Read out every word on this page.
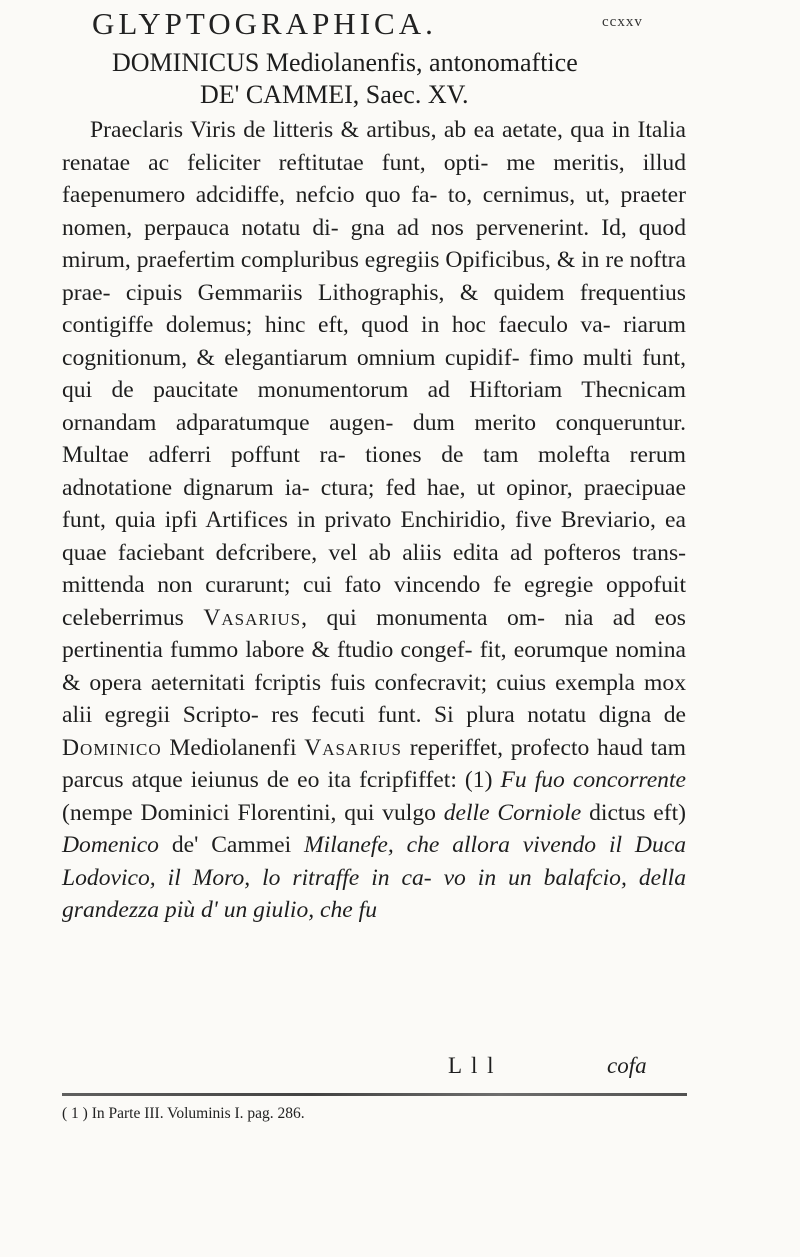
GLYPTOGRAPHICA.	ccxxv
DOMINICUS Mediolanenfis, antonomaftice
DE' CAMMEI, Saec. XV.

Praeclaris Viris de litteris & artibus, ab ea aetate, qua in Italia renatae ac feliciter reftitutae funt, opti- me meritis, illud faepenumero adcidiffe, nefcio quo fa- to, cernimus, ut, praeter nomen, perpauca notatu di- gna ad nos pervenerint. Id, quod mirum, praefertim compluribus egregiis Opificibus, & in re noftra prae- cipuis Gemmariis Lithographis, & quidem frequentius contigiffe dolemus; hinc eft, quod in hoc faeculo va- riarum cognitionum, & elegantiarum omnium cupidif- fimo multi funt, qui de paucitate monumentorum ad Hiftoriam Thecnicam ornandam adparatumque augen- dum merito conqueruntur. Multae adferri poffunt ra- tiones de tam molefta rerum adnotatione dignarum ia- ctura; fed hae, ut opinor, praecipuae funt, quia ipfi Artifices in privato Enchiridio, five Breviario, ea quae faciebant defcribere, vel ab aliis edita ad pofteros trans- mittenda non curarunt; cui fato vincendo fe egregie oppofuit celeberrimus Vasarius, qui monumenta om- nia ad eos pertinentia fummo labore & ftudio congef- fit, eorumque nomina & opera aeternitati fcriptis fuis confecravit; cuius exempla mox alii egregii Scripto- res fecuti funt. Si plura notatu digna de Dominico Mediolanenfi Vasarius reperiffet, profecto haud tam parcus atque ieiunus de eo ita fcripfiffet: (1) Fu fuo concorrente (nempe Dominici Florentini, qui vulgo delle Corniole dictus eft) Domenico de' Cammei Milanefe, che allora vivendo il Duca Lodovico, il Moro, lo ritraffe in ca- vo in un balafcio, della grandezza più d' un giulio, che fu

L l l	cofa
( 1 ) In Parte III. Voluminis I. pag. 286.
